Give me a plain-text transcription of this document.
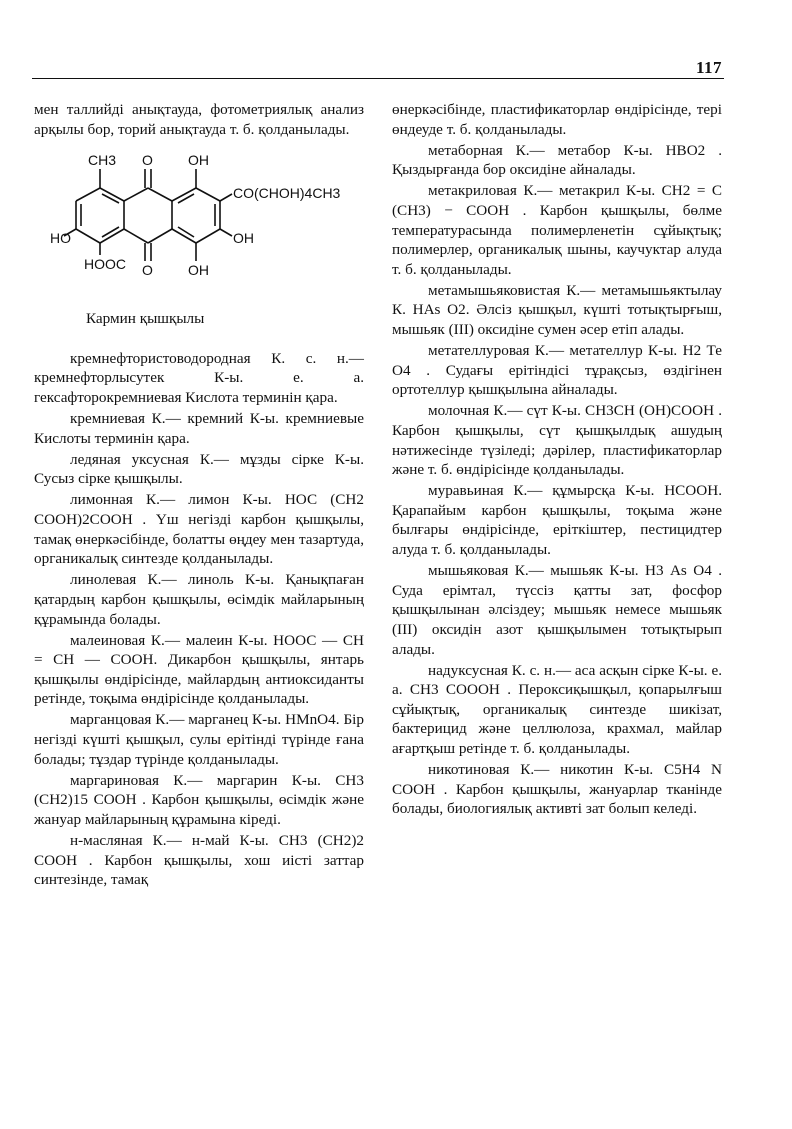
117

мен таллийді анықтауда, фотометриялық анализ арқылы бор, торий анықтауда т. б. қолданылады.

CH3 O	OH
CO(CHOH)4CH3
HO	OH
HOOC O	OH
Кармин қышқылы

кремнефтористоводородная К. с. н.— кремнефторлысутек К-ы. е. а. гексафторокремниевая Кислота терминін қара.

кремниевая К.— кремний К-ы. кремниевые Кислоты терминін қара.

ледяная уксусная К.— мұзды сірке К-ы. Сусыз сірке қышқылы.

лимонная К.— лимон К-ы. НОС (СН2 СООН)2СООН . Үш негізді карбон қышқылы, тамақ өнеркәсібінде, болатты өңдеу мен тазартуда, органикалық синтезде қолданылады.

линолевая К.— линоль К-ы. Қанықпаған қатардың карбон қышқылы, өсімдік майларының құрамында болады.

малеиновая К.— малеин К-ы. НООС — СН = СН — СООН. Дикарбон қышқылы, янтарь қышқылы өндірісінде, майлардың антиоксиданты ретінде, тоқыма өндірісінде қолданылады.

марганцовая К.— марганец К-ы. НМnO4. Бір негізді күшті қышқыл, сулы ерітінді түрінде ғана болады; тұздар түрінде қолданылады.

маргариновая К.— маргарин К-ы. СН3 (СН2)15 СООН . Карбон қышқылы, өсімдік және жануар майларының құрамына кіреді.

н-масляная К.— н-май К-ы. СН3 (СН2)2 СООН . Карбон қышқылы, хош иісті заттар синтезінде, тамақ

өнеркәсібінде, пластификаторлар өндірісінде, тері өндеуде т. б. қолданылады.

метаборная К.— метабор К-ы. НВО2 . Қыздырғанда бор оксидіне айналады.

метакриловая К.— метакрил К-ы. СН2 = С (СН3) − СООН . Карбон қышқылы, бөлме температурасында полимерленетін сұйықтық; полимерлер, органикалық шыны, каучуктар алуда т. б. қолданылады.

метамышьяковистая К.— метамышьяктылау К. HAs O2. Әлсіз қышқыл, күшті тотықтырғыш, мышьяк (III) оксидіне сумен әсер етіп алады.

метателлуровая К.— метателлур К-ы. Н2 Те О4 . Судағы ерітіндісі тұрақсыз, өздігінен ортотеллур қышқылына айналады.

молочная К.— сүт К-ы. СН3СН (ОН)СООН . Карбон қышқылы, сүт қышқылдық ашудың нәтижесінде түзіледі; дәрілер, пластификаторлар және т. б. өндірісінде қолданылады.

муравьиная К.— құмырсқа К-ы. НСООН. Қарапайым карбон қышқылы, тоқыма және былғары өндірісінде, еріткіштер, пестицидтер алуда т. б. қолданылады.

мышьяковая К.— мышьяк К-ы. Н3 As О4 . Суда ерімтал, түссіз қатты зат, фосфор қышқылынан әлсіздеу; мышьяк немесе мышьяк (III) оксидін азот қышқылымен тотықтырып алады.

надуксусная К. с. н.— аса асқын сірке К-ы. е. а. СН3 СОООН . Пероксиқышқыл, қопарылғыш сұйықтық, органикалық синтезде шикізат, бактерицид және целлюлоза, крахмал, майлар ағартқыш ретінде т. б. қолданылады.

никотиновая К.— никотин К-ы. C5H4 N COOH . Карбон қышқылы, жануарлар тканінде болады, биологиялық активті зат болып келеді.
